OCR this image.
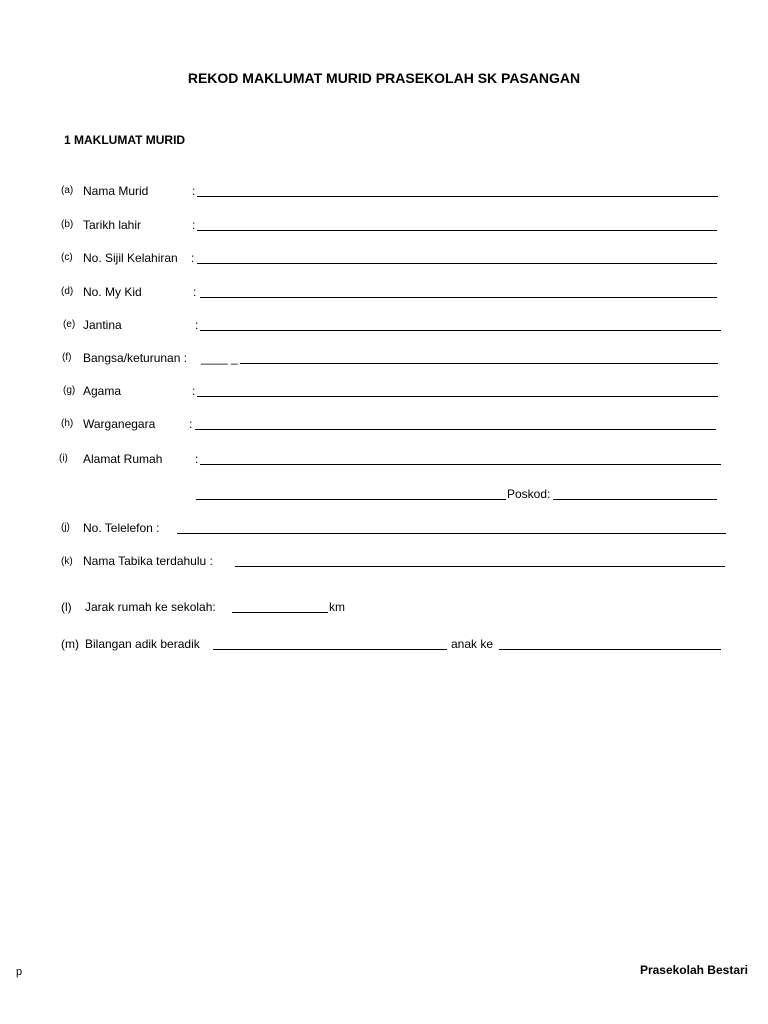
REKOD MAKLUMAT MURID PRASEKOLAH SK PASANGAN
1 MAKLUMAT MURID
(a) Nama Murid	:
(b) Tarikh lahir	:
(c) No. Sijil Kelahiran :
(d) No. My Kid	:
(e) Jantina	:
(f) Bangsa/keturunan : ____ _
(g) Agama	:
(h) Warganegara	:
(i) Alamat Rumah	:
Poskod:
(j) No. Telelefon :
(k) Nama Tabika terdahulu :
(l) Jarak rumah ke sekolah:	km
(m) Bilangan adik beradik	anak ke
p	Prasekolah Bestari
